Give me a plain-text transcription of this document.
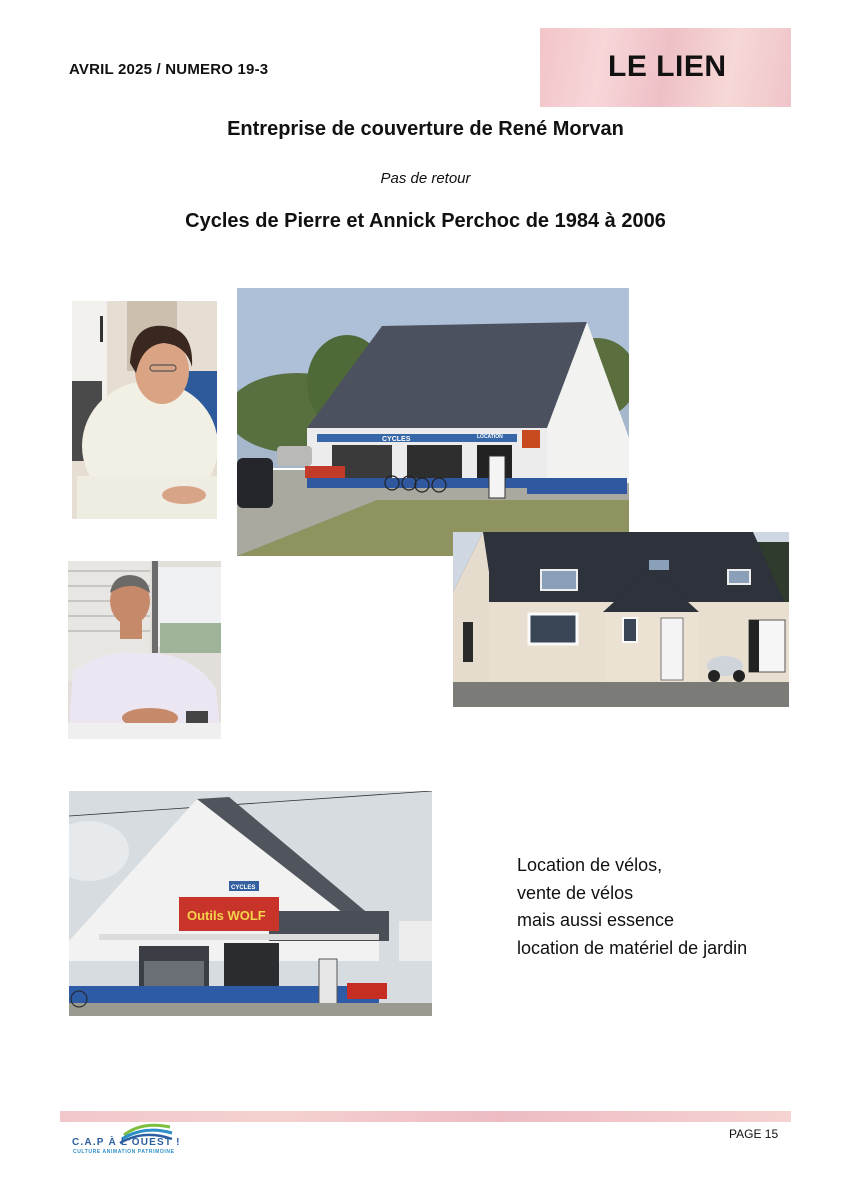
AVRIL 2025 / NUMERO 19-3	LE LIEN
Entreprise de couverture de René Morvan
Pas de retour
Cycles de Pierre et Annick Perchoc de 1984 à 2006
CYCLES	LOCATION
Outils WOLF
CYCLES
Location de vélos,
vente de vélos
mais aussi essence
location de matériel de jardin
PAGE 15
C.A.P À L'OUEST !
CULTURE ANIMATION PATRIMOINE
